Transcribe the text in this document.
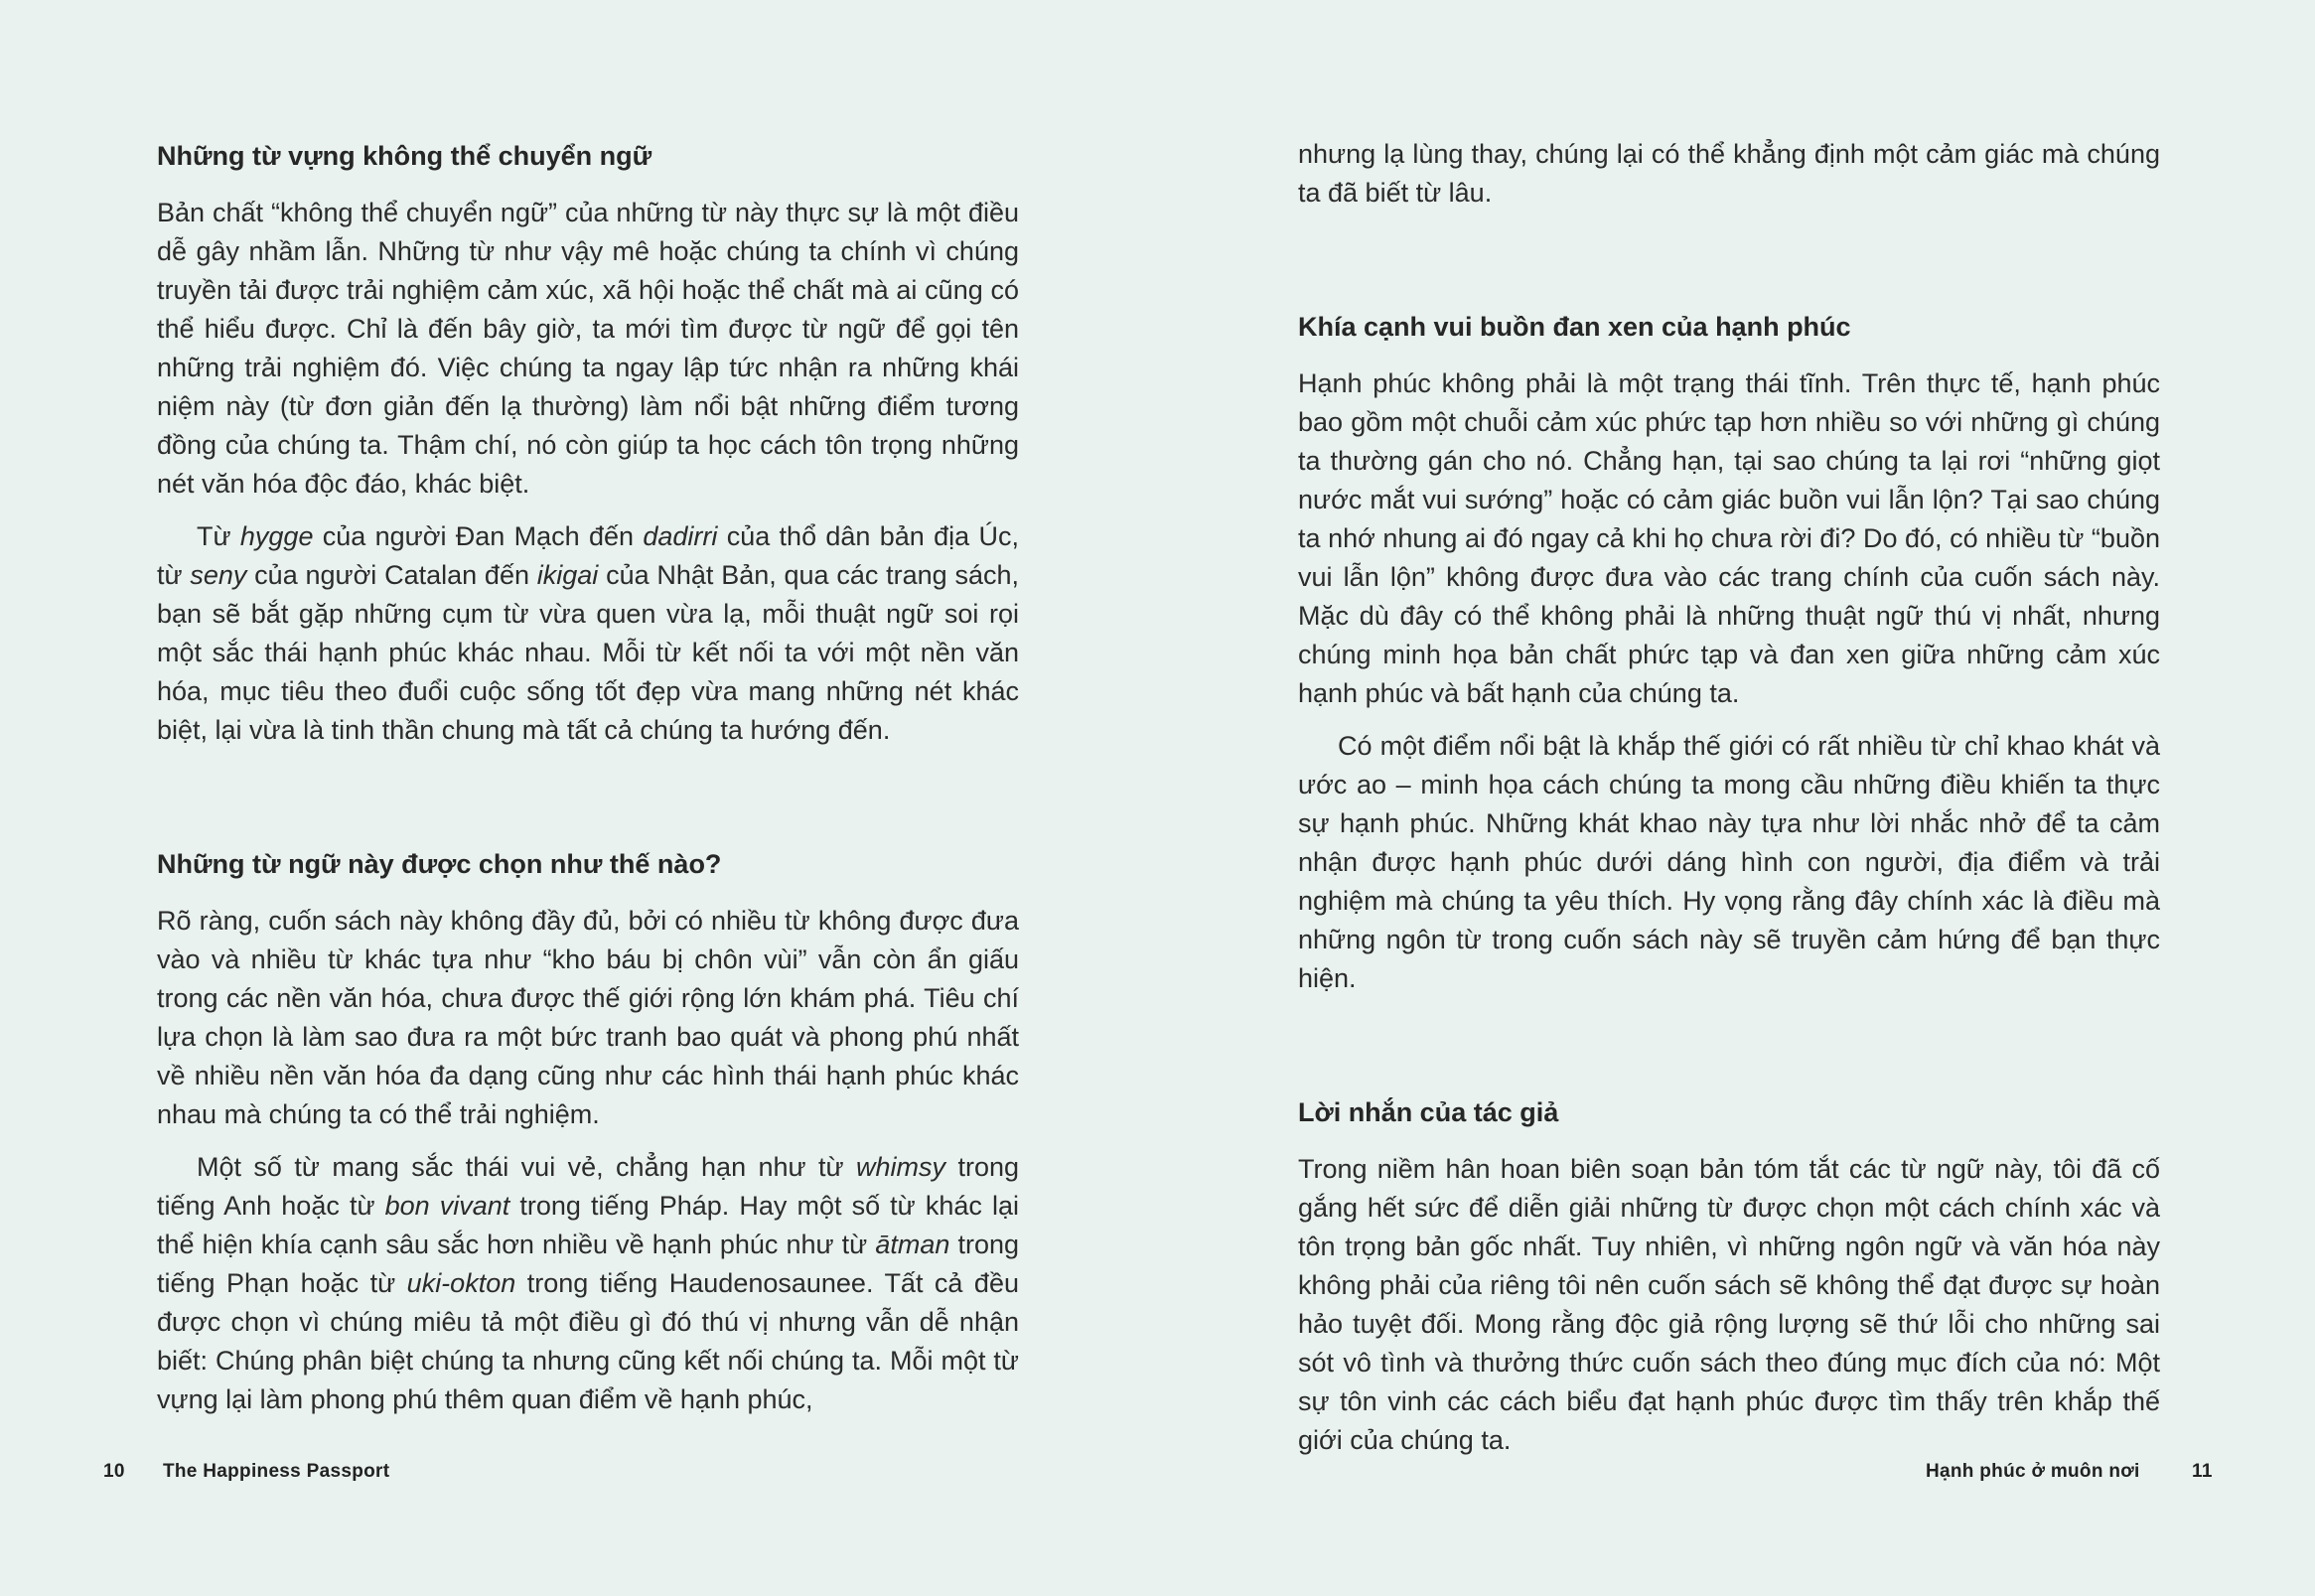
Những từ vựng không thể chuyển ngữ

Bản chất “không thể chuyển ngữ” của những từ này thực sự là một điều dễ gây nhầm lẫn. Những từ như vậy mê hoặc chúng ta chính vì chúng truyền tải được trải nghiệm cảm xúc, xã hội hoặc thể chất mà ai cũng có thể hiểu được. Chỉ là đến bây giờ, ta mới tìm được từ ngữ để gọi tên những trải nghiệm đó. Việc chúng ta ngay lập tức nhận ra những khái niệm này (từ đơn giản đến lạ thường) làm nổi bật những điểm tương đồng của chúng ta. Thậm chí, nó còn giúp ta học cách tôn trọng những nét văn hóa độc đáo, khác biệt.

Từ hygge của người Đan Mạch đến dadirri của thổ dân bản địa Úc, từ seny của người Catalan đến ikigai của Nhật Bản, qua các trang sách, bạn sẽ bắt gặp những cụm từ vừa quen vừa lạ, mỗi thuật ngữ soi rọi một sắc thái hạnh phúc khác nhau. Mỗi từ kết nối ta với một nền văn hóa, mục tiêu theo đuổi cuộc sống tốt đẹp vừa mang những nét khác biệt, lại vừa là tinh thần chung mà tất cả chúng ta hướng đến.

Những từ ngữ này được chọn như thế nào?

Rõ ràng, cuốn sách này không đầy đủ, bởi có nhiều từ không được đưa vào và nhiều từ khác tựa như “kho báu bị chôn vùi” vẫn còn ẩn giấu trong các nền văn hóa, chưa được thế giới rộng lớn khám phá. Tiêu chí lựa chọn là làm sao đưa ra một bức tranh bao quát và phong phú nhất về nhiều nền văn hóa đa dạng cũng như các hình thái hạnh phúc khác nhau mà chúng ta có thể trải nghiệm.

Một số từ mang sắc thái vui vẻ, chẳng hạn như từ whimsy trong tiếng Anh hoặc từ bon vivant trong tiếng Pháp. Hay một số từ khác lại thể hiện khía cạnh sâu sắc hơn nhiều về hạnh phúc như từ ātman trong tiếng Phạn hoặc từ uki-okton trong tiếng Haudenosaunee. Tất cả đều được chọn vì chúng miêu tả một điều gì đó thú vị nhưng vẫn dễ nhận biết: Chúng phân biệt chúng ta nhưng cũng kết nối chúng ta. Mỗi một từ vựng lại làm phong phú thêm quan điểm về hạnh phúc,

10 The Happiness Passport

nhưng lạ lùng thay, chúng lại có thể khẳng định một cảm giác mà chúng ta đã biết từ lâu.

Khía cạnh vui buồn đan xen của hạnh phúc

Hạnh phúc không phải là một trạng thái tĩnh. Trên thực tế, hạnh phúc bao gồm một chuỗi cảm xúc phức tạp hơn nhiều so với những gì chúng ta thường gán cho nó. Chẳng hạn, tại sao chúng ta lại rơi “những giọt nước mắt vui sướng” hoặc có cảm giác buồn vui lẫn lộn? Tại sao chúng ta nhớ nhung ai đó ngay cả khi họ chưa rời đi? Do đó, có nhiều từ “buồn vui lẫn lộn” không được đưa vào các trang chính của cuốn sách này. Mặc dù đây có thể không phải là những thuật ngữ thú vị nhất, nhưng chúng minh họa bản chất phức tạp và đan xen giữa những cảm xúc hạnh phúc và bất hạnh của chúng ta.

Có một điểm nổi bật là khắp thế giới có rất nhiều từ chỉ khao khát và ước ao – minh họa cách chúng ta mong cầu những điều khiến ta thực sự hạnh phúc. Những khát khao này tựa như lời nhắc nhở để ta cảm nhận được hạnh phúc dưới dáng hình con người, địa điểm và trải nghiệm mà chúng ta yêu thích. Hy vọng rằng đây chính xác là điều mà những ngôn từ trong cuốn sách này sẽ truyền cảm hứng để bạn thực hiện.

Lời nhắn của tác giả

Trong niềm hân hoan biên soạn bản tóm tắt các từ ngữ này, tôi đã cố gắng hết sức để diễn giải những từ được chọn một cách chính xác và tôn trọng bản gốc nhất. Tuy nhiên, vì những ngôn ngữ và văn hóa này không phải của riêng tôi nên cuốn sách sẽ không thể đạt được sự hoàn hảo tuyệt đối. Mong rằng độc giả rộng lượng sẽ thứ lỗi cho những sai sót vô tình và thưởng thức cuốn sách theo đúng mục đích của nó: Một sự tôn vinh các cách biểu đạt hạnh phúc được tìm thấy trên khắp thế giới của chúng ta.

Hạnh phúc ở muôn nơi	11
